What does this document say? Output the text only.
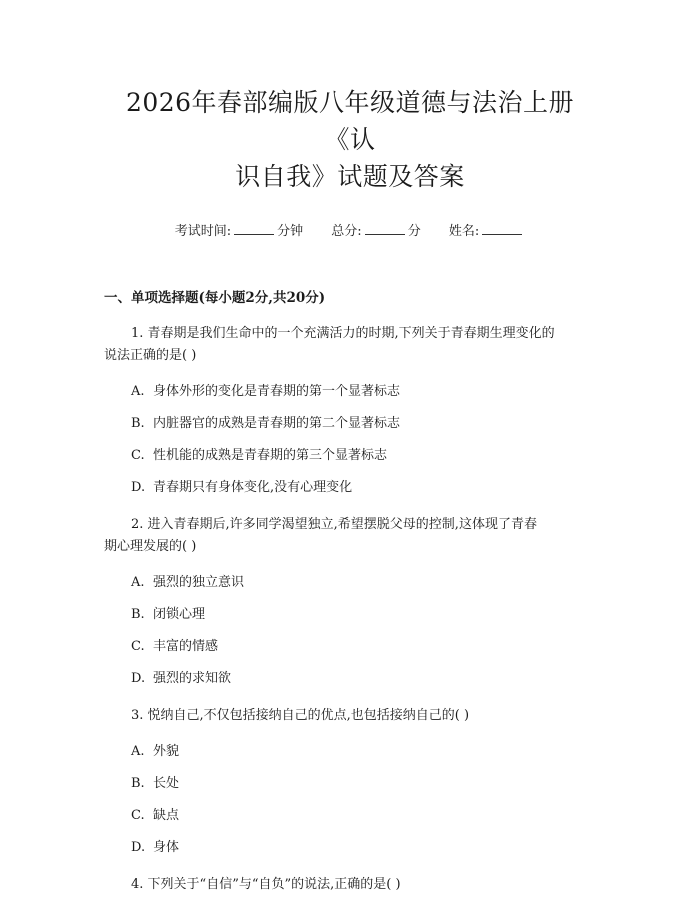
2026年春部编版八年级道德与法治上册《认
识自我》试题及答案
考试时间:	分钟 总分:	分 姓名:
一、单项选择题(每小题2分,共20分)
1. 青春期是我们生命中的一个充满活力的时期,下列关于青春期生理变化的
说法正确的是( )
A. 身体外形的变化是青春期的第一个显著标志
B. 内脏器官的成熟是青春期的第二个显著标志
C. 性机能的成熟是青春期的第三个显著标志
D. 青春期只有身体变化,没有心理变化
2. 进入青春期后,许多同学渴望独立,希望摆脱父母的控制,这体现了青春
期心理发展的( )
A. 强烈的独立意识
B. 闭锁心理
C. 丰富的情感
D. 强烈的求知欲
3. 悦纳自己,不仅包括接纳自己的优点,也包括接纳自己的( )
A. 外貌
B. 长处
C. 缺点
D. 身体
4. 下列关于“自信”与“自负”的说法,正确的是( )
